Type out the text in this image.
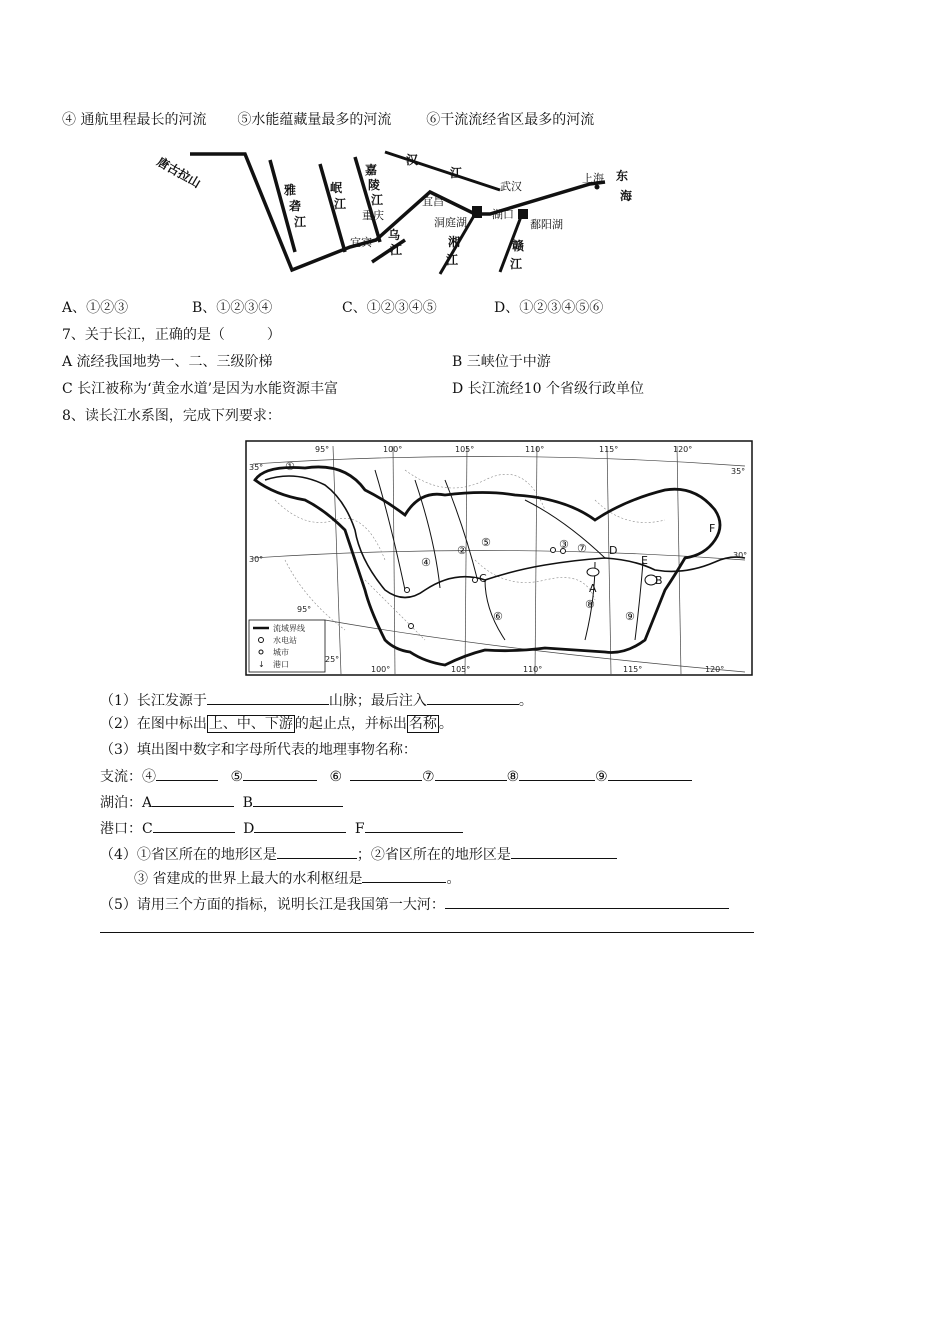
④ 通航里程最长的河流 ⑤水能蕴藏量最多的河流 ⑥干流流经省区最多的河流
唐古拉山	雅
砻
江
岷
江
嘉
陵
江
汉
江
重庆
宜宾
乌
江
宜昌
洞庭湖
湘
江
武汉
湖口
鄱阳湖
赣
江
上海 东
海
A、①②③	B、①②③④	C、①②③④⑤	D、①②③④⑤⑥
7、关于长江，正确的是（　　　）
A 流经我国地势一、二、三级阶梯	B 三峡位于中游
C 长江被称为‘黄金水道’是因为水能资源丰富	D 长江流经10 个省级行政单位
8、读长江水系图，完成下列要求：
95°	100°	105°	110°	115°	120°
35°	35°
30°	30°
25°
95°
100°	105°	110°	115°	120°
①
②	③
④
⑤
⑥
⑦
⑧
⑨
A
B
C
D
E
F
流域界线
水电站
城市
↓ 港口
（1）长江发源于	山脉；最后注入	。
（2）在图中标出 上、中、下游 的起止点，并标出 名称 。
（3）填出图中数字和字母所代表的地理事物名称：
支流：④	⑤	⑥	⑦	⑧	⑨
湖泊：A	B
港口：C	D	F
（4）①省区所在的地形区是	；②省区所在的地形区是
③ 省建成的世界上最大的水利枢纽是	。
（5）请用三个方面的指标，说明长江是我国第一大河：
